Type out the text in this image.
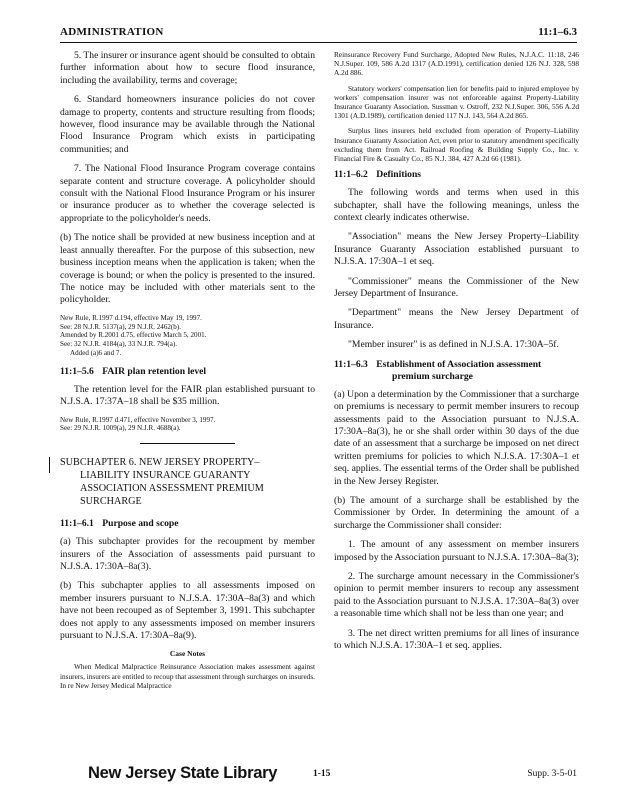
ADMINISTRATION	11:1–6.3

5. The insurer or insurance agent should be consulted to obtain further information about how to secure flood insurance, including the availability, terms and coverage;

6. Standard homeowners insurance policies do not cover damage to property, contents and structure resulting from floods; however, flood insurance may be available through the National Flood Insurance Program which exists in participating communities; and

7. The National Flood Insurance Program coverage contains separate content and structure coverage. A policyholder should consult with the National Flood Insurance Program or his insurer or insurance producer as to whether the coverage selected is appropriate to the policyholder's needs.

(b) The notice shall be provided at new business inception and at least annually thereafter. For the purpose of this subsection, new business inception means when the application is taken; when the coverage is bound; or when the policy is presented to the insured. The notice may be included with other materials sent to the policyholder.

New Rule, R.1997 d.194, effective May 19, 1997.
See: 28 N.J.R. 5137(a), 29 N.J.R. 2462(b).
Amended by R.2001 d.75, effective March 5, 2001.
See: 32 N.J.R. 4184(a), 33 N.J.R. 794(a).
Added (a)6 and 7.
11:1–5.6 FAIR plan retention level

The retention level for the FAIR plan established pursuant to N.J.S.A. 17:37A–18 shall be $35 million.

New Rule, R.1997 d.471, effective November 3, 1997.
See: 29 N.J.R. 1009(a), 29 N.J.R. 4688(a).
SUBCHAPTER 6. NEW JERSEY PROPERTY–
LIABILITY INSURANCE GUARANTY
ASSOCIATION ASSESSMENT PREMIUM
SURCHARGE
11:1–6.1 Purpose and scope

(a) This subchapter provides for the recoupment by member insurers of the Association of assessments paid pursuant to N.J.S.A. 17:30A–8a(3).

(b) This subchapter applies to all assessments imposed on member insurers pursuant to N.J.S.A. 17:30A–8a(3) and which have not been recouped as of September 3, 1991. This subchapter does not apply to any assessments imposed on member insurers pursuant to N.J.S.A. 17:30A–8a(9).

Case Notes

When Medical Malpractice Reinsurance Association makes assessment against insurers, insurers are entitled to recoup that assessment through surcharges on insureds. In re New Jersey Medical Malpractice

Reinsurance Recovery Fund Surcharge, Adopted New Rules, N.J.A.C. 11:18, 246 N.J.Super. 109, 586 A.2d 1317 (A.D.1991), certification denied 126 N.J. 328, 598 A.2d 886.

Statutory workers' compensation lien for benefits paid to injured employee by workers' compensation insurer was not enforceable against Property-Liability Insurance Guaranty Association. Sussman v. Ostroff, 232 N.J.Super. 306, 556 A.2d 1301 (A.D.1989), certification denied 117 N.J. 143, 564 A.2d 865.

Surplus lines insurers held excluded from operation of Property–Liability Insurance Guaranty Association Act, even prior to statutory amendment specifically excluding them from Act. Railroad Roofing & Building Supply Co., Inc. v. Financial Fire & Casualty Co., 85 N.J. 384, 427 A.2d 66 (1981).

11:1–6.2 Definitions

The following words and terms when used in this subchapter, shall have the following meanings, unless the context clearly indicates otherwise.

"Association" means the New Jersey Property–Liability Insurance Guaranty Association established pursuant to N.J.S.A. 17:30A–1 et seq.

"Commissioner" means the Commissioner of the New Jersey Department of Insurance.

"Department" means the New Jersey Department of Insurance.

"Member insurer" is as defined in N.J.S.A. 17:30A–5f.

11:1–6.3 Establishment of Association assessment
premium surcharge

(a) Upon a determination by the Commissioner that a surcharge on premiums is necessary to permit member insurers to recoup assessments paid to the Association pursuant to N.J.S.A. 17:30A–8a(3), he or she shall order within 30 days of the due date of an assessment that a surcharge be imposed on net direct written premiums for policies to which N.J.S.A. 17:30A–1 et seq. applies. The essential terms of the Order shall be published in the New Jersey Register.

(b) The amount of a surcharge shall be established by the Commissioner by Order. In determining the amount of a surcharge the Commissioner shall consider:

1. The amount of any assessment on member insurers imposed by the Association pursuant to N.J.S.A. 17:30A–8a(3);

2. The surcharge amount necessary in the Commissioner's opinion to permit member insurers to recoup any assessment paid to the Association pursuant to N.J.S.A. 17:30A–8a(3) over a reasonable time which shall not be less than one year; and

3. The net direct written premiums for all lines of insurance to which N.J.S.A. 17:30A–1 et seq. applies.

New Jersey State Library	1-15	Supp. 3-5-01
